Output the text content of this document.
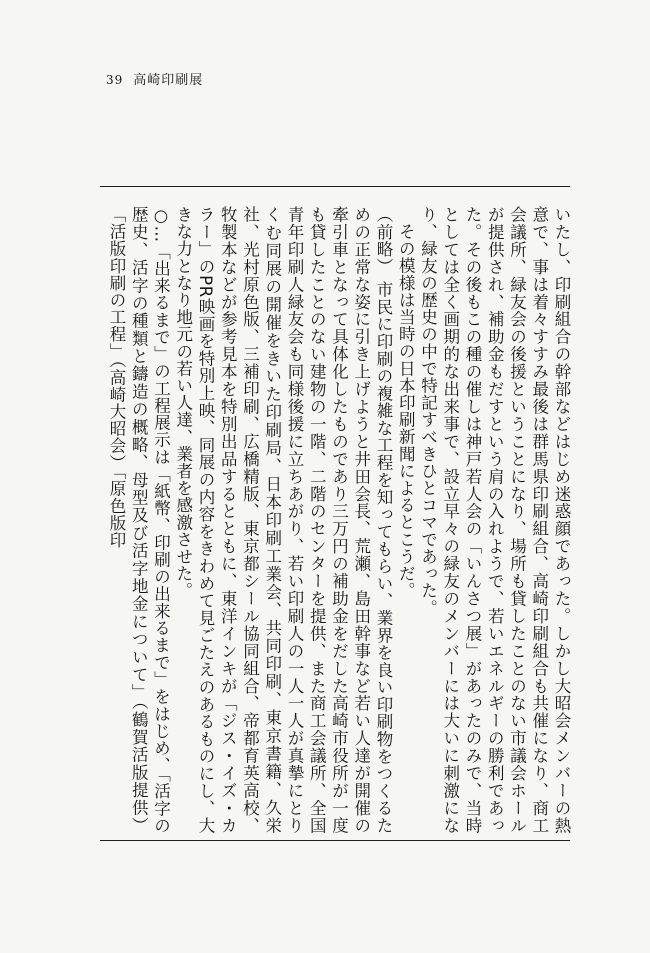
39 高崎印刷展

いたし、印刷組合の幹部などはじめ迷惑顔であった。しかし大昭会メンバーの熱意で、事は着々すすみ最後は群馬県印刷組合、高崎印刷組合も共催になり、商工会議所、緑友会の後援ということになり、場所も貸したことのない市議会ホールが提供され、補助金もだすという肩の入れようで、若いエネルギーの勝利であった。その後もこの種の催しは神戸若人会の「いんさつ展」があったのみで、当時としては全く画期的な出来事で、設立早々の緑友のメンバーには大いに刺激になり、緑友の歴史の中で特記すべきひとコマであった。

その模様は当時の日本印刷新聞によるとこうだ。

（前略） 市民に印刷の複雑な工程を知ってもらい、業界を良い印刷物をつくるための正常な姿に引き上げようと井田会長、荒瀬、島田幹事など若い人達が開催の牽引車となって具体化したものであり三万円の補助金をだした高崎市役所が一度も貸したことのない建物の一階、二階のセンターを提供、また商工会議所、全国青年印刷人緑友会も同様後援に立ちあがり、若い印刷人の一人一人が真摯にとりくむ同展の開催をきいた印刷局、日本印刷工業会、共同印刷、東京書籍、久栄社、光村原色版、三補印刷、広橋精版、東京都シール協同組合、帝都育英高校、牧製本などが参考見本を特別出品するとともに、東洋インキが「ジス・イズ・カラー」のPR映画を特別上映、同展の内容をきわめて見ごたえのあるものにし、大きな力となり地元の若い人達、業者を感激させた。

○…「出来るまで」の工程展示は「紙幣、印刷の出来るまで」をはじめ、「活字の歴史、活字の種類と鑄造の概略、母型及び活字地金について」（鶴賀活版提供）「活版印刷の工程」（高崎大昭会）「原色版印
